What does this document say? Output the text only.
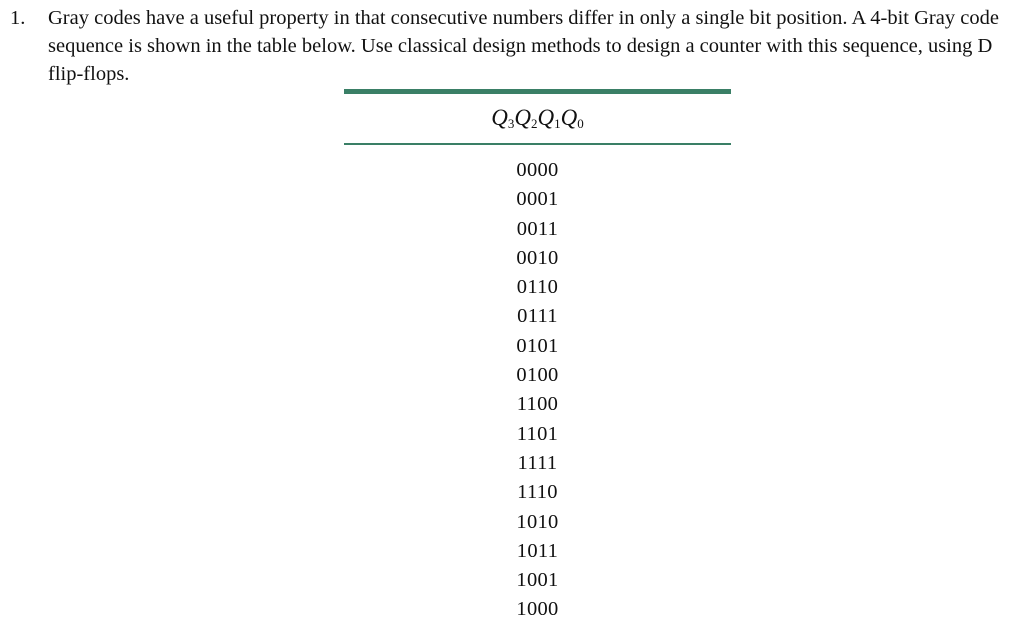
1. Gray codes have a useful property in that consecutive numbers differ in only a single bit position. A 4-bit Gray code sequence is shown in the table below. Use classical design methods to design a counter with this sequence, using D flip-flops.
$Q_3$ $Q_2$ $Q_1$ $Q_0$
0000
0001
0011
0010
0110
0111
0101
0100
1100
1101
1111
1110
1010
1011
1001
1000
